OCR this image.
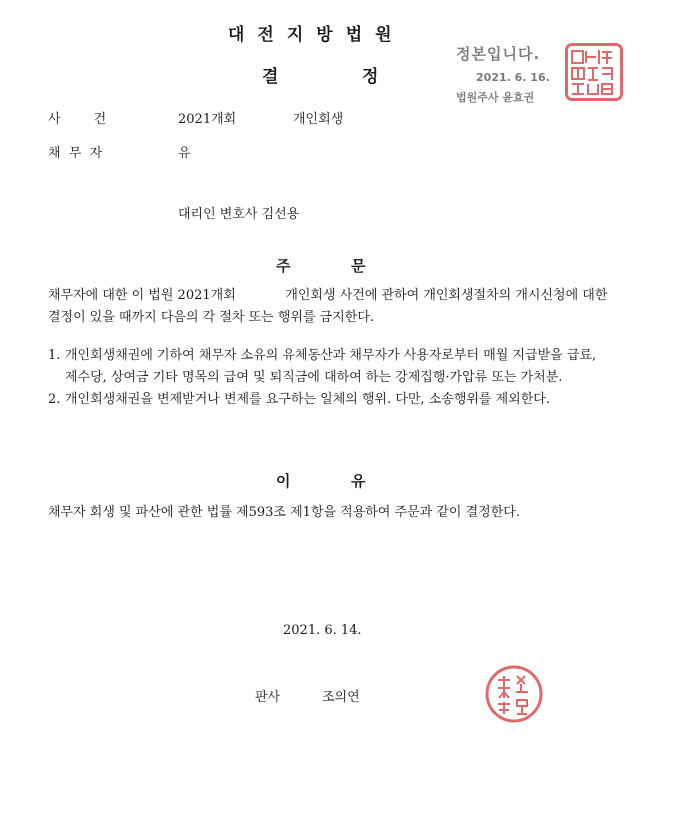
대전지방법원
결	정
정본입니다.
2021. 6. 16.
법원주사 윤효권
사        건	2021개회	개인회생
채  무  자	유
대리인 변호사 김선용
주	문
채무자에 대한 이 법원 2021개회            개인회생 사건에 관하여 개인회생절차의 개시신청에 대한 결정이 있을 때까지 다음의 각 절차 또는 행위를 금지한다.
1. 개인회생채권에 기하여 채무자 소유의 유체동산과 채무자가 사용자로부터 매월 지급받을 급료, 제수당, 상여금 기타 명목의 급여 및 퇴직금에 대하여 하는 강제집행·가압류 또는 가처분.
2. 개인회생채권을 변제받거나 변제를 요구하는 일체의 행위. 다만, 소송행위를 제외한다.
이	유
채무자 회생 및 파산에 관한 법률 제593조 제1항을 적용하여 주문과 같이 결정한다.
2021. 6. 14.
판사	조의연
